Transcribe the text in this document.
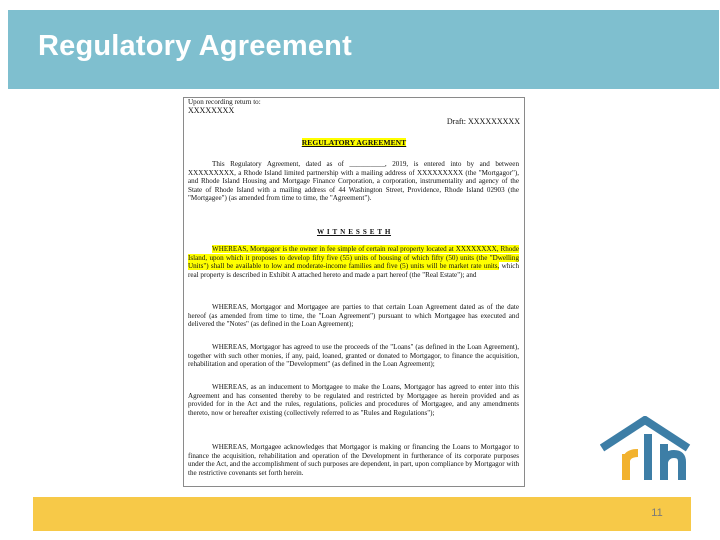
Regulatory Agreement
Upon recording return to:
XXXXXXXX
Draft: XXXXXXXXX
REGULATORY AGREEMENT
This Regulatory Agreement, dated as of __________, 2019, is entered into by and between XXXXXXXXX, a Rhode Island limited partnership with a mailing address of XXXXXXXXX (the "Mortgagor"), and Rhode Island Housing and Mortgage Finance Corporation, a corporation, instrumentality and agency of the State of Rhode Island with a mailing address of 44 Washington Street, Providence, Rhode Island 02903 (the "Mortgagee") (as amended from time to time, the "Agreement").
W I T N E S S E T H
WHEREAS, Mortgagor is the owner in fee simple of certain real property located at XXXXXXXX, Rhode Island, upon which it proposes to develop fifty five (55) units of housing of which fifty (50) units (the "Dwelling Units") shall be available to low and moderate-income families and five (5) units will be market rate units, which real property is described in Exhibit A attached hereto and made a part hereof (the "Real Estate"); and
WHEREAS, Mortgagor and Mortgagee are parties to that certain Loan Agreement dated as of the date hereof (as amended from time to time, the "Loan Agreement") pursuant to which Mortgagee has executed and delivered the "Notes" (as defined in the Loan Agreement);
WHEREAS, Mortgagor has agreed to use the proceeds of the "Loans" (as defined in the Loan Agreement), together with such other monies, if any, paid, loaned, granted or donated to Mortgagor, to finance the acquisition, rehabilitation and operation of the "Development" (as defined in the Loan Agreement);
WHEREAS, as an inducement to Mortgagee to make the Loans, Mortgagor has agreed to enter into this Agreement and has consented thereby to be regulated and restricted by Mortgagee as herein provided and as provided for in the Act and the rules, regulations, policies and procedures of Mortgagee, and any amendments thereto, now or hereafter existing (collectively referred to as "Rules and Regulations");
WHEREAS, Mortgagee acknowledges that Mortgagor is making or financing the Loans to Mortgagor to finance the acquisition, rehabilitation and operation of the Development in furtherance of its corporate purposes under the Act, and the accomplishment of such purposes are dependent, in part, upon compliance by Mortgagor with the restrictive covenants set forth herein.
11
